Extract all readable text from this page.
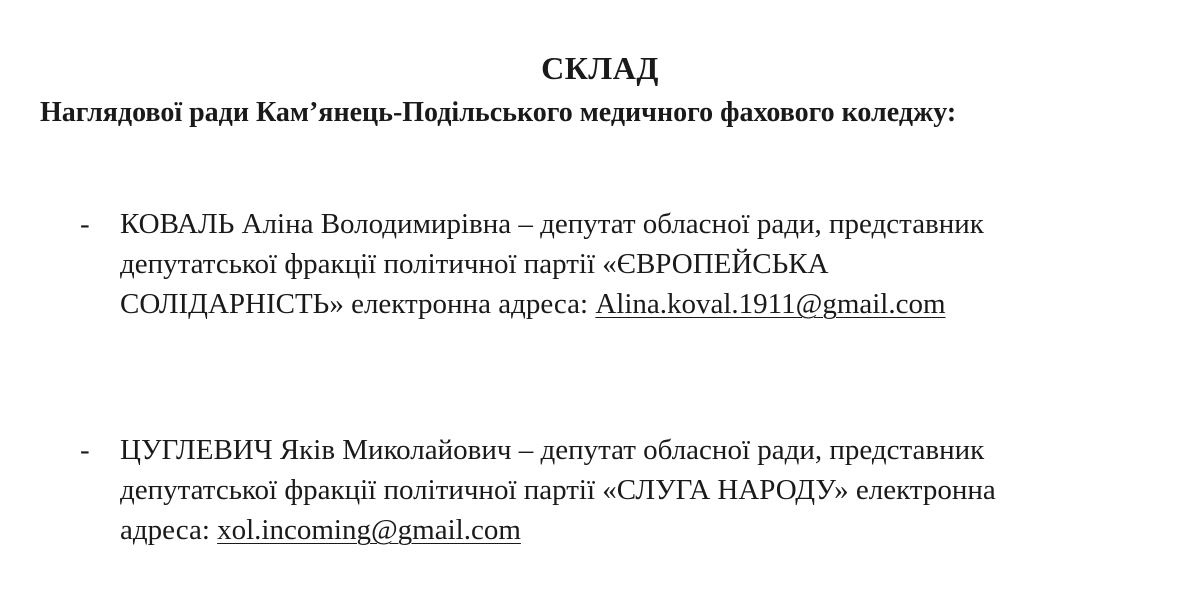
СКЛАД
Наглядової ради Кам’янець-Подільського медичного фахового коледжу:
- КОВАЛЬ Аліна Володимирівна – депутат обласної ради, представник
депутатської фракції політичної партії «ЄВРОПЕЙСЬКА
СОЛІДАРНІСТЬ» електронна адреса: Alina.koval.1911@gmail.com
- ЦУГЛЕВИЧ Яків Миколайович – депутат обласної ради, представник
депутатської фракції політичної партії «СЛУГА НАРОДУ» електронна
адреса: xol.incoming@gmail.com
